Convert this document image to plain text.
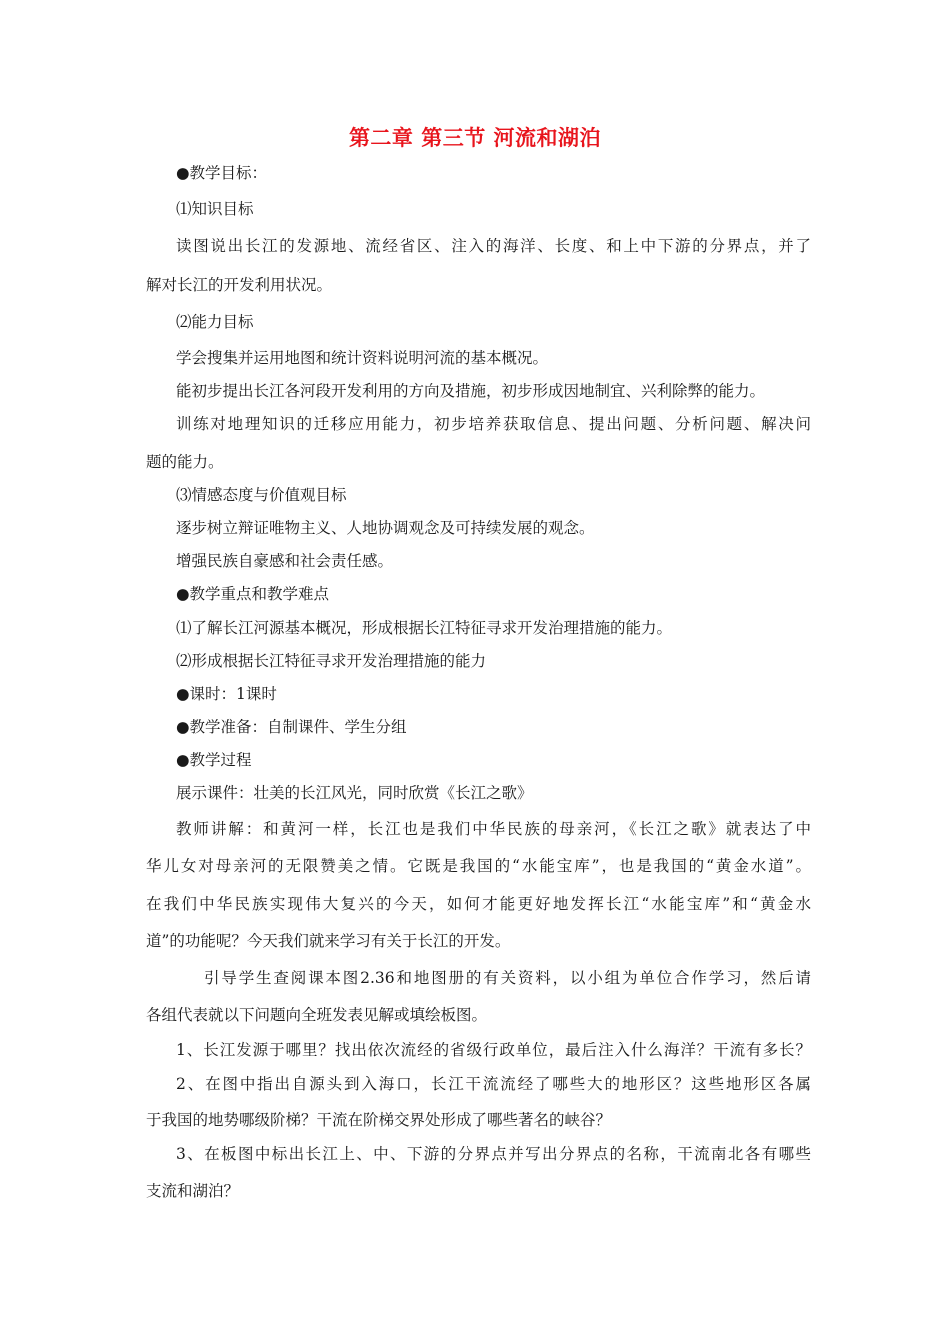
第二章 第三节 河流和湖泊
●教学目标：
⑴知识目标
读图说出长江的发源地、流经省区、注入的海洋、长度、和上中下游的分界点，并了
解对长江的开发利用状况。
⑵能力目标
学会搜集并运用地图和统计资料说明河流的基本概况。
能初步提出长江各河段开发利用的方向及措施，初步形成因地制宜、兴利除弊的能力。
训练对地理知识的迁移应用能力，初步培养获取信息、提出问题、分析问题、解决问
题的能力。
⑶情感态度与价值观目标
逐步树立辩证唯物主义、人地协调观念及可持续发展的观念。
增强民族自豪感和社会责任感。
●教学重点和教学难点
⑴了解长江河源基本概况，形成根据长江特征寻求开发治理措施的能力。
⑵形成根据长江特征寻求开发治理措施的能力
●课时：1课时
●教学准备：自制课件、学生分组
●教学过程
展示课件：壮美的长江风光，同时欣赏《长江之歌》
教师讲解：和黄河一样，长江也是我们中华民族的母亲河，《长江之歌》就表达了中
华儿女对母亲河的无限赞美之情。它既是我国的“水能宝库”，也是我国的“黄金水道”。
在我们中华民族实现伟大复兴的今天，如何才能更好地发挥长江“水能宝库”和“黄金水
道”的功能呢？今天我们就来学习有关于长江的开发。
引导学生查阅课本图2.36和地图册的有关资料，以小组为单位合作学习，然后请
各组代表就以下问题向全班发表见解或填绘板图。
1、长江发源于哪里？找出依次流经的省级行政单位，最后注入什么海洋？干流有多长？
2、在图中指出自源头到入海口，长江干流流经了哪些大的地形区？这些地形区各属
于我国的地势哪级阶梯？干流在阶梯交界处形成了哪些著名的峡谷？
3、在板图中标出长江上、中、下游的分界点并写出分界点的名称，干流南北各有哪些
支流和湖泊？
